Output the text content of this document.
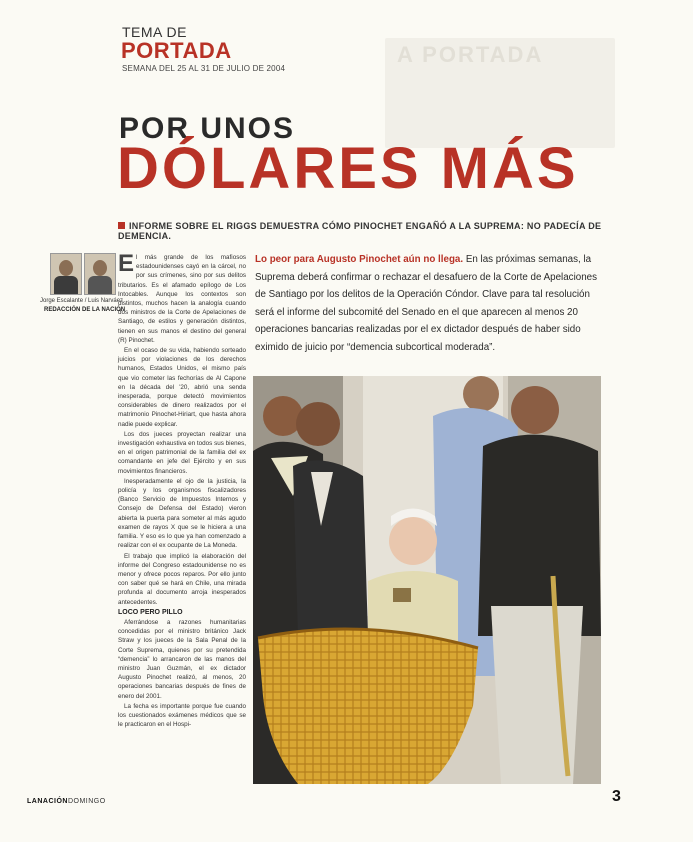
A PORTADA
TEMA DE
PORTADA
SEMANA DEL 25 AL 31 DE JULIO DE 2004
POR UNOS
DÓLARES MÁS
INFORME SOBRE EL RIGGS DEMUESTRA CÓMO PINOCHET ENGAÑÓ A LA SUPREMA: NO PADECÍA DE DEMENCIA.
Jorge Escalante / Luis Narváez
REDACCIÓN DE LA NACIÓN

El más grande de los mafiosos estadounidenses cayó en la cárcel, no por sus crímenes, sino por sus delitos tributarios. Es el afamado epílogo de Los Intocables. Aunque los contextos son distintos, muchos hacen la analogía cuando dos ministros de la Corte de Apelaciones de Santiago, de estilos y generación distintos, tienen en sus manos el destino del general (R) Pinochet.

En el ocaso de su vida, habiendo sorteado juicios por violaciones de los derechos humanos, Estados Unidos, el mismo país que vio cometer las fechorías de Al Capone en la década del '20, abrió una senda inesperada, porque detectó movimientos considerables de dinero realizados por el matrimonio Pinochet-Hiriart, que hasta ahora nadie puede explicar.

Los dos jueces proyectan realizar una investigación exhaustiva en todos sus bienes, en el origen patrimonial de la familia del ex comandante en jefe del Ejército y en sus movimientos financieros.

Inesperadamente el ojo de la justicia, la policía y los organismos fiscalizadores (Banco Servicio de Impuestos Internos y Consejo de Defensa del Estado) vieron abierta la puerta para someter al más agudo examen de rayos X que se le hiciera a una familia. Y eso es lo que ya han comenzado a realizar con el ex ocupante de La Moneda.

El trabajo que implicó la elaboración del informe del Congreso estadounidense no es menor y ofrece pocos reparos. Por ello junto con saber qué se hará en Chile, una mirada profunda al documento arroja inesperados antecedentes.

LOCO PERO PILLO

Aferrándose a razones humanitarias concedidas por el ministro británico Jack Straw y los jueces de la Sala Penal de la Corte Suprema, quienes por su pretendida “demencia” lo arrancaron de las manos del ministro Juan Guzmán, el ex dictador Augusto Pinochet realizó, al menos, 20 operaciones bancarias después de fines de enero del 2001.

La fecha es importante porque fue cuando los cuestionados exámenes médicos que se le practicaron en el Hospi-

Lo peor para Augusto Pinochet aún no llega. En las próximas semanas, la Suprema deberá confirmar o rechazar el desafuero de la Corte de Apelaciones de Santiago por los delitos de la Operación Cóndor. Clave para tal resolución será el informe del subcomité del Senado en el que aparecen al menos 20 operaciones bancarias realizadas por el ex dictador después de haber sido eximido de juicio por “demencia subcortical moderada”.
LANACIÓNDOMINGO	3
